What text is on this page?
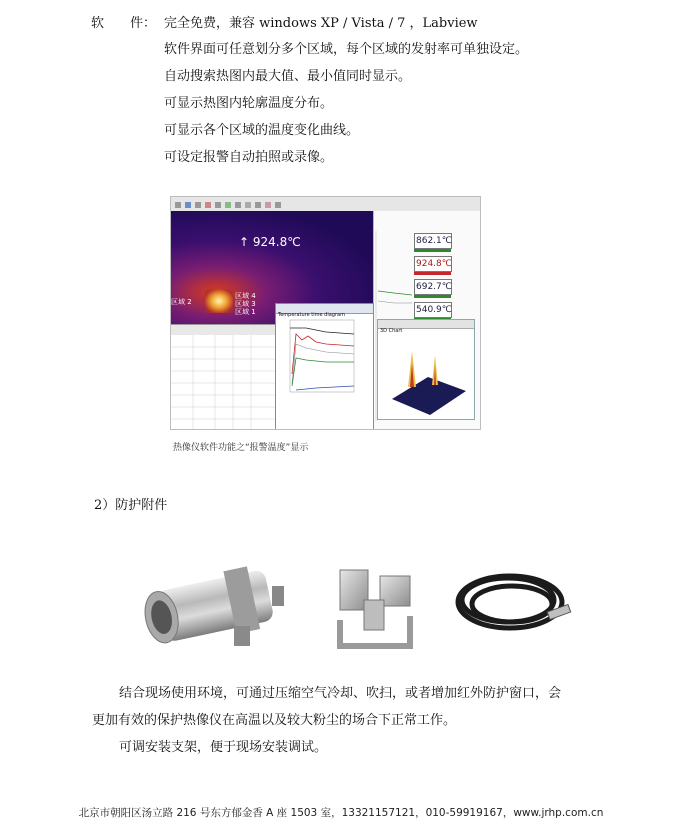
软　　件： 完全免费，兼容 windows XP / Vista / 7 ，Labview
软件界面可任意划分多个区域，每个区域的发射率可单独设定。
自动搜索热图内最大值、最小值同时显示。
可显示热图内轮廓温度分布。
可显示各个区域的温度变化曲线。
可设定报警自动拍照或录像。
↑ 924.8℃
区域 2
区域 4
区域 3
区域 1
862.1℃
924.8℃
692.7℃
540.9℃
Temperature time diagram
3D Chart
热像仪软件功能之“报警温度”显示
2）防护附件
结合现场使用环境，可通过压缩空气冷却、吹扫，或者增加红外防护窗口，会
更加有效的保护热像仪在高温以及较大粉尘的场合下正常工作。
可调安装支架，便于现场安装调试。
北京市朝阳区汤立路 216 号东方郁金香 A 座 1503 室，13321157121，010-59919167，www.jrhp.com.cn
